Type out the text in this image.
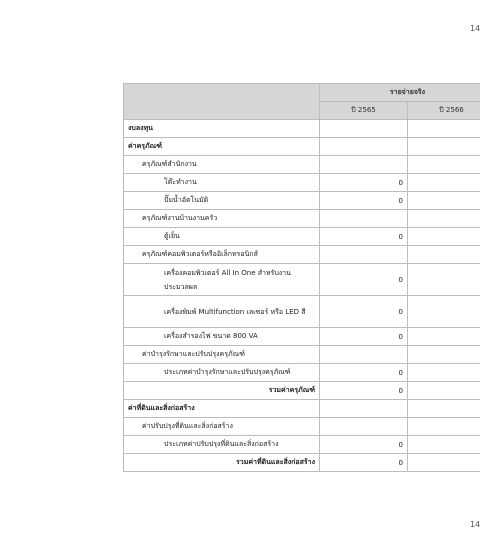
14
	รายจ่ายจริง	
	ปี 2565	ปี 2566
งบลงทุน		
ค่าครุภัณฑ์		
ครุภัณฑ์สำนักงาน		
โต๊ะทำงาน	0	
ปั๊มน้ำอัตโนมัติ	0	
ครุภัณฑ์งานบ้านงานครัว		
ตู้เย็น	0	
ครุภัณฑ์คอมพิวเตอร์หรืออิเล็กทรอนิกส์		
เครื่องคอมพิวเตอร์ All In One สำหรับงานประมวลผล	0	
เครื่องพิมพ์ Multifunction เลเซอร์ หรือ LED สี	0	
เครื่องสำรองไฟ ขนาด 800 VA	0	
ค่าบำรุงรักษาและปรับปรุงครุภัณฑ์		
ประเภทค่าบำรุงรักษาและปรับปรุงครุภัณฑ์	0	
รวมค่าครุภัณฑ์	0	
ค่าที่ดินและสิ่งก่อสร้าง		
ค่าปรับปรุงที่ดินและสิ่งก่อสร้าง		
ประเภทค่าปรับปรุงที่ดินและสิ่งก่อสร้าง	0	
รวมค่าที่ดินและสิ่งก่อสร้าง	0	
14
